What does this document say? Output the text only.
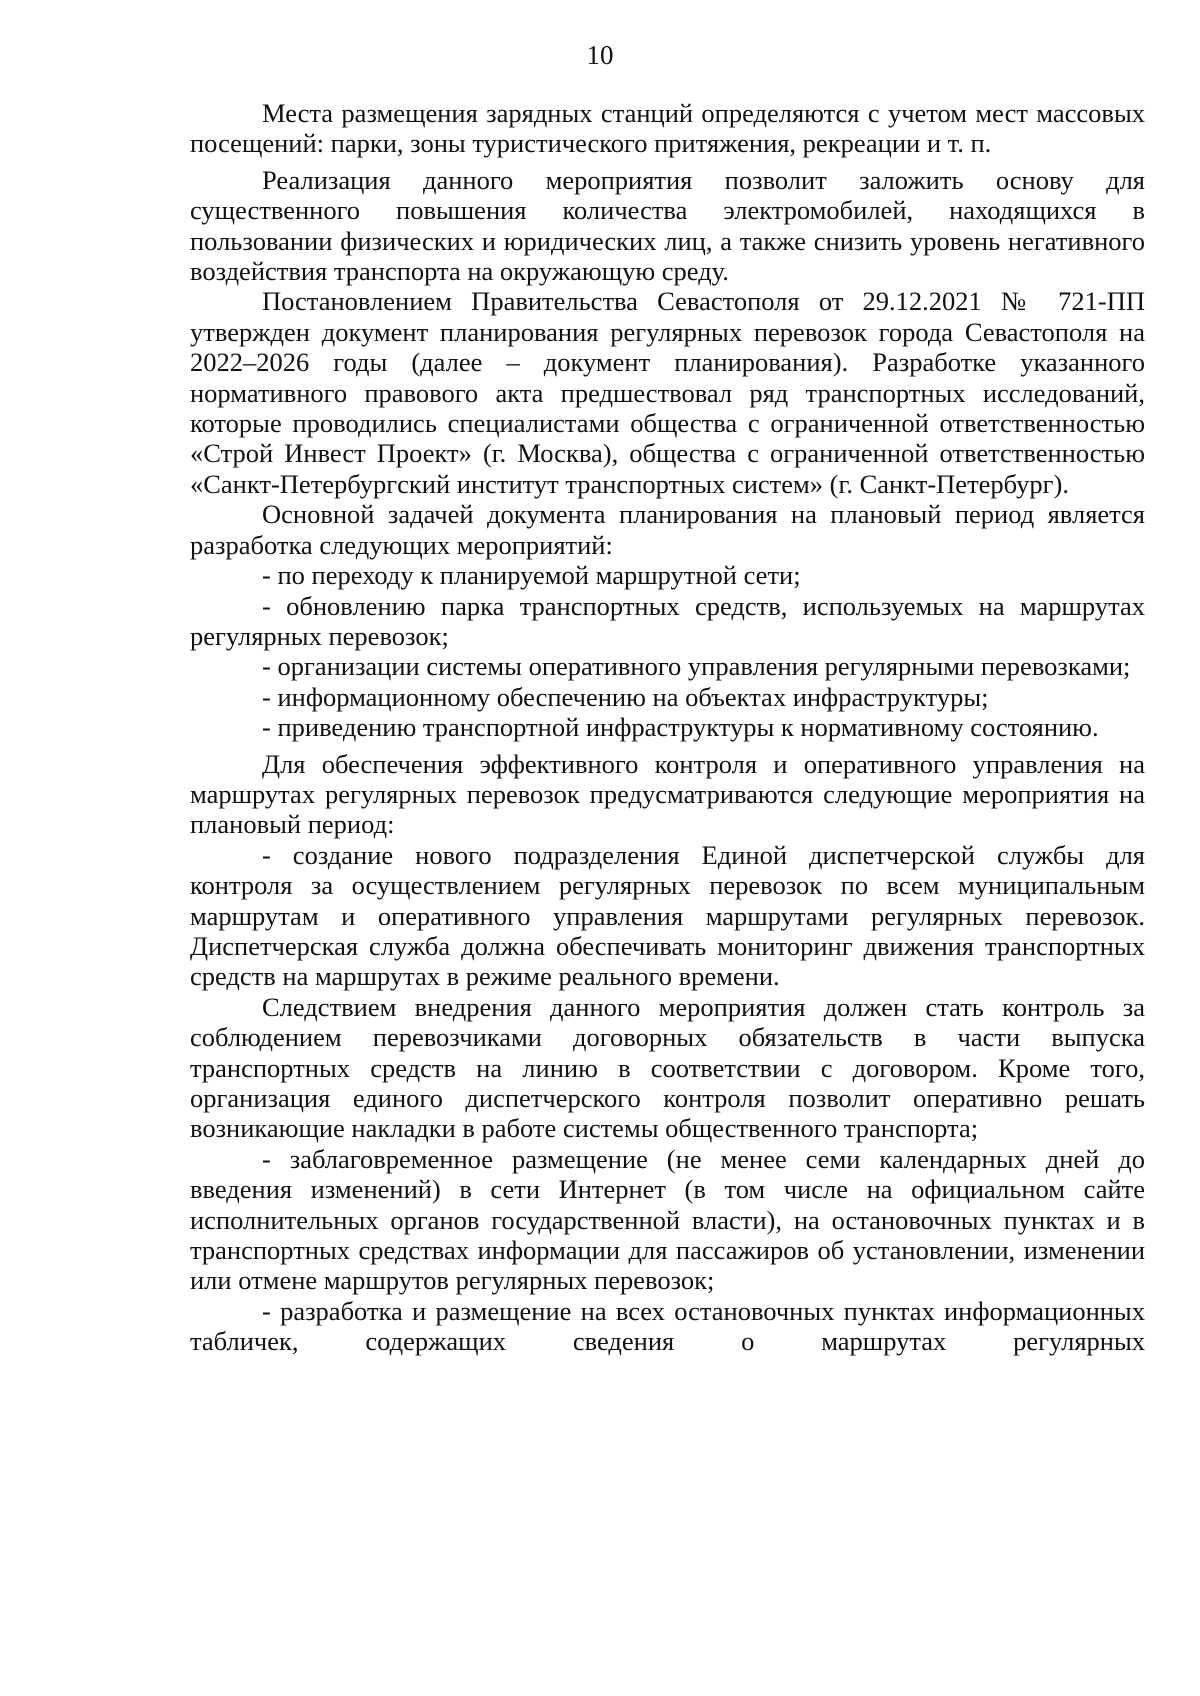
10

Места размещения зарядных станций определяются с учетом мест массовых посещений: парки, зоны туристического притяжения, рекреации и т. п.

Реализация данного мероприятия позволит заложить основу для существенного повышения количества электромобилей, находящихся в пользовании физических и юридических лиц, а также снизить уровень негативного воздействия транспорта на окружающую среду.

Постановлением Правительства Севастополя от 29.12.2021 № 721-ПП утвержден документ планирования регулярных перевозок города Севастополя на 2022–2026 годы (далее – документ планирования). Разработке указанного нормативного правового акта предшествовал ряд транспортных исследований, которые проводились специалистами общества с ограниченной ответственностью «Строй Инвест Проект» (г. Москва), общества с ограниченной ответственностью «Санкт-Петербургский институт транспортных систем» (г. Санкт-Петербург).

Основной задачей документа планирования на плановый период является разработка следующих мероприятий:

- по переходу к планируемой маршрутной сети;

- обновлению парка транспортных средств, используемых на маршрутах регулярных перевозок;

- организации системы оперативного управления регулярными перевозками;

- информационному обеспечению на объектах инфраструктуры;

- приведению транспортной инфраструктуры к нормативному состоянию.

Для обеспечения эффективного контроля и оперативного управления на маршрутах регулярных перевозок предусматриваются следующие мероприятия на плановый период:

- создание нового подразделения Единой диспетчерской службы для контроля за осуществлением регулярных перевозок по всем муниципальным маршрутам и оперативного управления маршрутами регулярных перевозок. Диспетчерская служба должна обеспечивать мониторинг движения транспортных средств на маршрутах в режиме реального времени.

Следствием внедрения данного мероприятия должен стать контроль за соблюдением перевозчиками договорных обязательств в части выпуска транспортных средств на линию в соответствии с договором. Кроме того, организация единого диспетчерского контроля позволит оперативно решать возникающие накладки в работе системы общественного транспорта;

- заблаговременное размещение (не менее семи календарных дней до введения изменений) в сети Интернет (в том числе на официальном сайте исполнительных органов государственной власти), на остановочных пунктах и в транспортных средствах информации для пассажиров об установлении, изменении или отмене маршрутов регулярных перевозок;

- разработка и размещение на всех остановочных пунктах информационных табличек, содержащих сведения о маршрутах регулярных
